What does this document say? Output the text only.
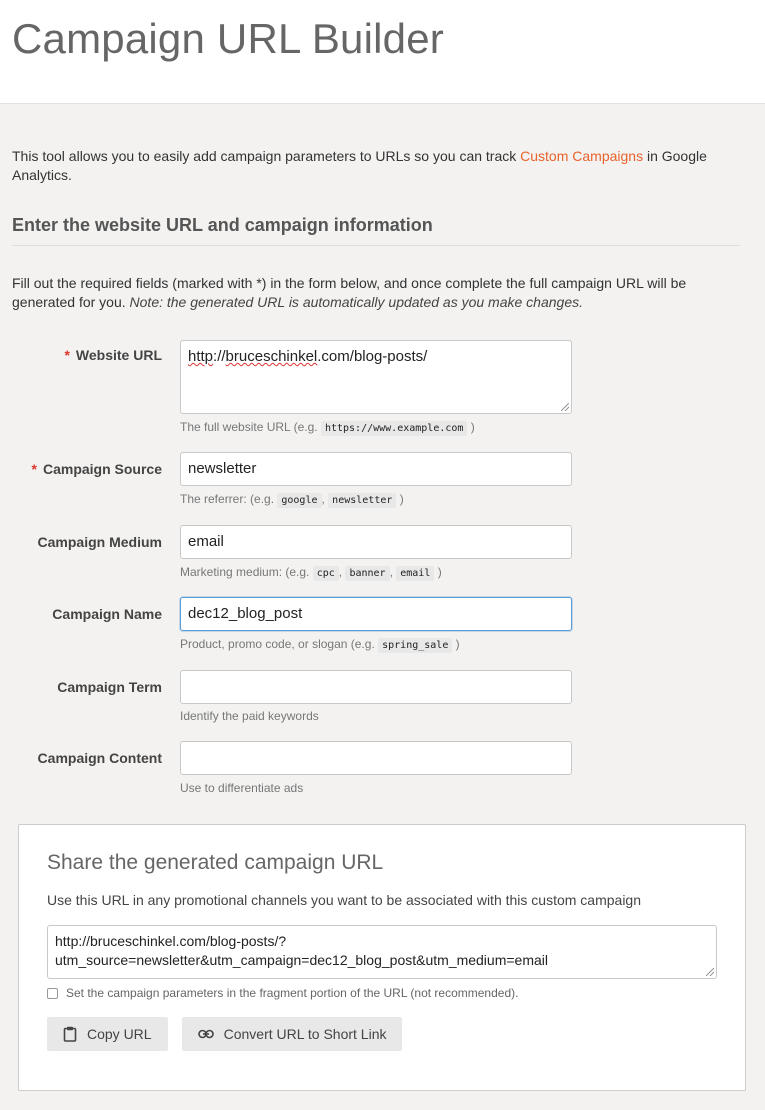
Campaign URL Builder

This tool allows you to easily add campaign parameters to URLs so you can track Custom Campaigns in Google Analytics.

Enter the website URL and campaign information

Fill out the required fields (marked with *) in the form below, and once complete the full campaign URL will be generated for you. Note: the generated URL is automatically updated as you make changes.

* Website URL	http://bruceschinkel.com/blog-posts/
The full website URL (e.g. https://www.example.com )
* Campaign Source	newsletter
The referrer: (e.g. google , newsletter )
Campaign Medium	email
Marketing medium: (e.g. cpc , banner , email )
Campaign Name	dec12_blog_post
Product, promo code, or slogan (e.g. spring_sale )
Campaign Term
Identify the paid keywords
Campaign Content
Use to differentiate ads
Share the generated campaign URL

Use this URL in any promotional channels you want to be associated with this custom campaign

http://bruceschinkel.com/blog-posts/?
utm_source=newsletter&utm_campaign=dec12_blog_post&utm_medium=email
Set the campaign parameters in the fragment portion of the URL (not recommended).
Copy URL	Convert URL to Short Link
